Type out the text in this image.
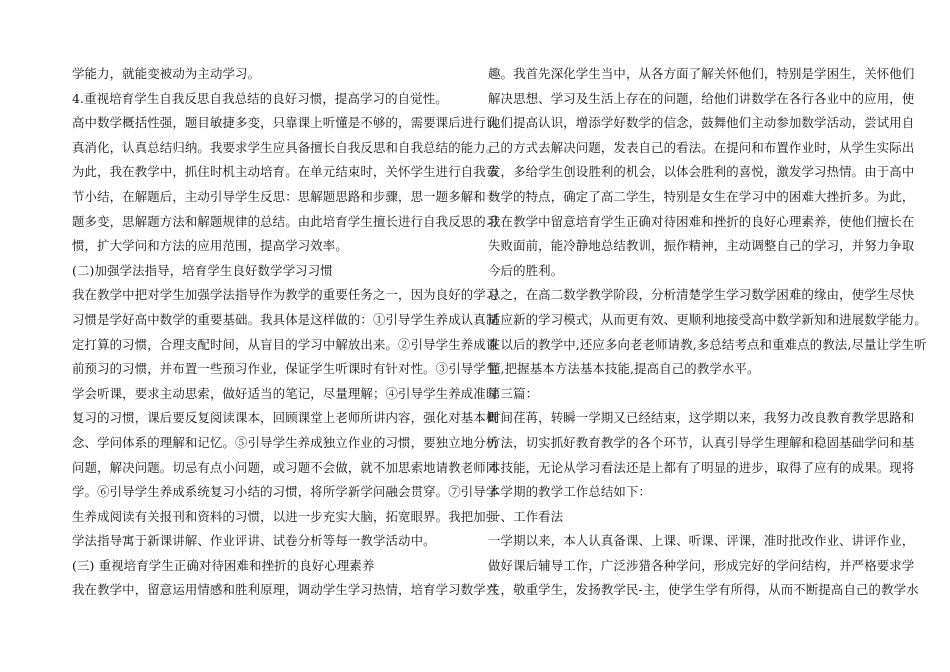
学能力，就能变被动为主动学习。
4.重视培育学生自我反思自我总结的良好习惯，提高学习的自觉性。
高中数学概括性强，题目敏捷多变，只靠课上听懂是不够的，需要课后进行认
真消化，认真总结归纳。我要求学生应具备擅长自我反思和自我总结的能力。
为此，我在教学中，抓住时机主动培育。在单元结束时，关怀学生进行自我章
节小结，在解题后，主动引导学生反思：思解题思路和步骤，思一题多解和一
题多变，思解题方法和解题规律的总结。由此培育学生擅长进行自我反思的习
惯，扩大学问和方法的应用范围，提高学习效率。
(二)加强学法指导，培育学生良好数学学习习惯
我在教学中把对学生加强学法指导作为教学的重要任务之一，因为良好的学习
习惯是学好高中数学的重要基础。我具体是这样做的：①引导学生养成认真制
定打算的习惯，合理支配时间，从盲目的学习中解放出来。②引导学生养成课
前预习的习惯，并布置一些预习作业，保证学生听课时有针对性。③引导学生
学会听课，要求主动思索，做好适当的笔记，尽量理解；④引导学生养成准时
复习的习惯，课后要反复阅读课本，回顾课堂上老师所讲内容，强化对基本概
念、学问体系的理解和记忆。⑤引导学生养成独立作业的习惯，要独立地分析
问题，解决问题。切忌有点小问题，或习题不会做，就不加思索地请教老师同
学。⑥引导学生养成系统复习小结的习惯，将所学新学问融会贯穿。⑦引导学
生养成阅读有关报刊和资料的习惯，以进一步充实大脑，拓宽眼界。我把加强
学法指导寓于新课讲解、作业评讲、试卷分析等每一教学活动中。
(三) 重视培育学生正确对待困难和挫折的良好心理素养
我在教学中，留意运用情感和胜利原理，调动学生学习热情，培育学习数学兴
趣。我首先深化学生当中，从各方面了解关怀他们，特别是学困生，关怀他们
解决思想、学习及生活上存在的问题，给他们讲数学在各行各业中的应用，使
他们提高认识，增添学好数学的信念，鼓舞他们主动参加数学活动，尝试用自
己的方式去解决问题，发表自己的看法。在提问和布置作业时，从学生实际出
发，多给学生创设胜利的机会，以体会胜利的喜悦，激发学习热情。由于高中
数学的特点，确定了高二学生，特别是女生在学习中的困难大挫折多。为此，
我在教学中留意培育学生正确对待困难和挫折的良好心理素养，使他们擅长在
失败面前，能冷静地总结教训，振作精神，主动调整自己的学习，并努力争取
今后的胜利。
总之，在高二数学教学阶段，分析清楚学生学习数学困难的缘由，使学生尽快
适应新的学习模式，从而更有效、更顺利地接受高中数学新知和进展数学能力。
在以后的教学中,还应多向老老师请教,多总结考点和重难点的教法,尽量让学生听
懂,把握基本方法基本技能,提高自己的教学水平。
第三篇：
时间荏苒，转瞬一学期又已经结束，这学期以来，我努力改良教育教学思路和
方法，切实抓好教育教学的各个环节，认真引导学生理解和稳固基础学问和基
本技能，无论从学习看法还是上都有了明显的进步，取得了应有的成果。现将
本学期的教学工作总结如下：
一、工作看法
一学期以来，本人认真备课、上课、听课、评课，准时批改作业、讲评作业，
做好课后辅导工作，广泛涉猎各种学问，形成完好的学问结构，并严格要求学
生，敬重学生，发扬教学民-主，使学生学有所得，从而不断提高自己的教学水
